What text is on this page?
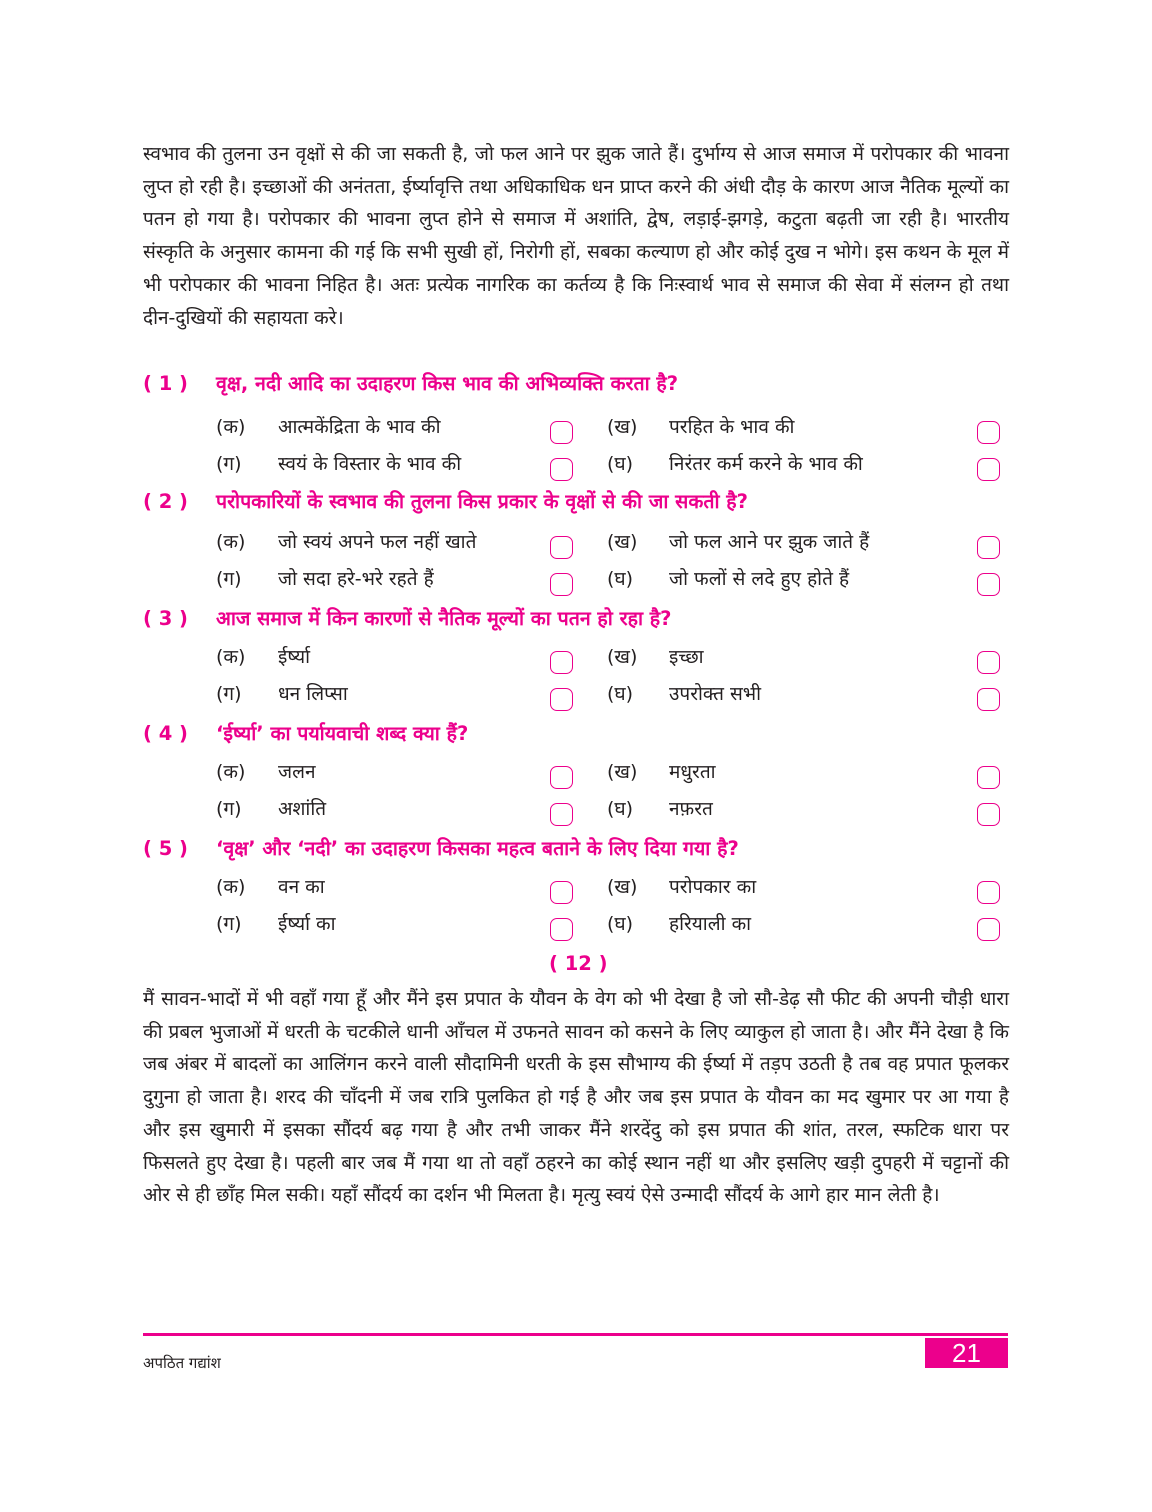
स्वभाव की तुलना उन वृक्षों से की जा सकती है, जो फल आने पर झुक जाते हैं। दुर्भाग्य से आज समाज में परोपकार की भावना लुप्त हो रही है। इच्छाओं की अनंतता, ईर्ष्यावृत्ति तथा अधिकाधिक धन प्राप्त करने की अंधी दौड़ के कारण आज नैतिक मूल्यों का पतन हो गया है। परोपकार की भावना लुप्त होने से समाज में अशांति, द्वेष, लड़ाई-झगड़े, कटुता बढ़ती जा रही है। भारतीय संस्कृति के अनुसार कामना की गई कि सभी सुखी हों, निरोगी हों, सबका कल्याण हो और कोई दुख न भोगे। इस कथन के मूल में भी परोपकार की भावना निहित है। अतः प्रत्येक नागरिक का कर्तव्य है कि निःस्वार्थ भाव से समाज की सेवा में संलग्न हो तथा दीन-दुखियों की सहायता करे।

( 1 )	वृक्ष, नदी आदि का उदाहरण किस भाव की अभिव्यक्ति करता है?
(क) आत्मकेंद्रिता के भाव की	(ख) परहित के भाव की
(ग) स्वयं के विस्तार के भाव की	(घ) निरंतर कर्म करने के भाव की
( 2 )	परोपकारियों के स्वभाव की तुलना किस प्रकार के वृक्षों से की जा सकती है?
(क) जो स्वयं अपने फल नहीं खाते	(ख) जो फल आने पर झुक जाते हैं
(ग) जो सदा हरे-भरे रहते हैं	(घ) जो फलों से लदे हुए होते हैं
( 3 )	आज समाज में किन कारणों से नैतिक मूल्यों का पतन हो रहा है?
(क) ईर्ष्या	(ख) इच्छा
(ग) धन लिप्सा	(घ) उपरोक्त सभी
( 4 )	‘ईर्ष्या’ का पर्यायवाची शब्द क्या हैं?
(क) जलन	(ख) मधुरता
(ग) अशांति	(घ) नफ़रत
( 5 )	‘वृक्ष’ और ‘नदी’ का उदाहरण किसका महत्व बताने के लिए दिया गया है?
(क) वन का	(ख) परोपकार का
(ग) ईर्ष्या का	(घ) हरियाली का
( 12 )

मैं सावन-भादों में भी वहाँ गया हूँ और मैंने इस प्रपात के यौवन के वेग को भी देखा है जो सौ-डेढ़ सौ फीट की अपनी चौड़ी धारा की प्रबल भुजाओं में धरती के चटकीले धानी आँचल में उफनते सावन को कसने के लिए व्याकुल हो जाता है। और मैंने देखा है कि जब अंबर में बादलों का आलिंगन करने वाली सौदामिनी धरती के इस सौभाग्य की ईर्ष्या में तड़प उठती है तब वह प्रपात फूलकर दुगुना हो जाता है। शरद की चाँदनी में जब रात्रि पुलकित हो गई है और जब इस प्रपात के यौवन का मद खुमार पर आ गया है और इस खुमारी में इसका सौंदर्य बढ़ गया है और तभी जाकर मैंने शरदेंदु को इस प्रपात की शांत, तरल, स्फटिक धारा पर फिसलते हुए देखा है। पहली बार जब मैं गया था तो वहाँ ठहरने का कोई स्थान नहीं था और इसलिए खड़ी दुपहरी में चट्टानों की ओर से ही छाँह मिल सकी। यहाँ सौंदर्य का दर्शन भी मिलता है। मृत्यु स्वयं ऐसे उन्मादी सौंदर्य के आगे हार मान लेती है।

21
अपठित गद्यांश
